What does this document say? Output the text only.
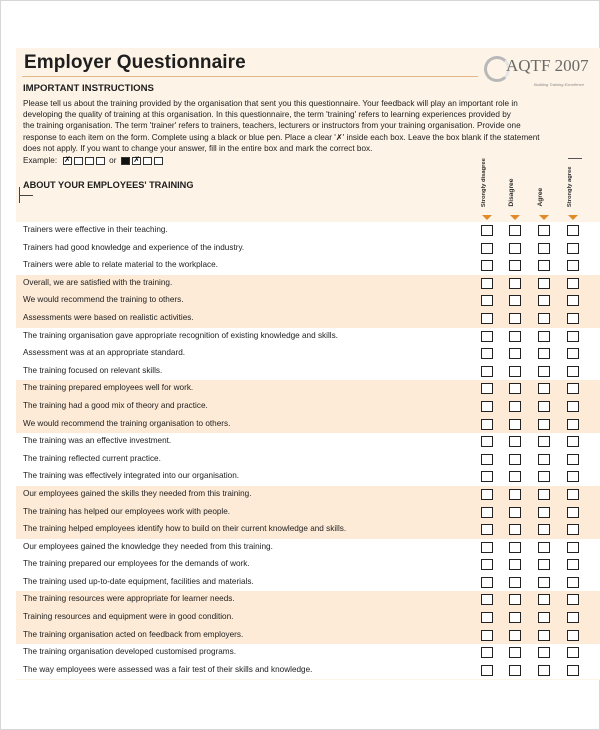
Employer Questionnaire	AQTF 2007
Building Training Excellence
IMPORTANT INSTRUCTIONS
Please tell us about the training provided by the organisation that sent you this questionnaire. Your feedback will play an important role in
developing the quality of training at this organisation. In this questionnaire, the term 'training' refers to learning experiences provided by
the training organisation. The term 'trainer' refers to trainers, teachers, lecturers or instructors from your training organisation. Provide one
response to each item on the form. Complete using a black or blue pen. Place a clear '✗' inside each box. Leave the box blank if the statement
does not apply. If you want to change your answer, fill in the entire box and mark the correct box.
Example:
✗	or
✗
ABOUT YOUR EMPLOYEES' TRAINING	Strongly disagree	Disagree	Agree	Strongly agree
Trainers were effective in their teaching.
Trainers had good knowledge and experience of the industry.
Trainers were able to relate material to the workplace.
Overall, we are satisfied with the training.
We would recommend the training to others.
Assessments were based on realistic activities.
The training organisation gave appropriate recognition of existing knowledge and skills.
Assessment was at an appropriate standard.
The training focused on relevant skills.
The training prepared employees well for work.
The training had a good mix of theory and practice.
We would recommend the training organisation to others.
The training was an effective investment.
The training reflected current practice.
The training was effectively integrated into our organisation.
Our employees gained the skills they needed from this training.
The training has helped our employees work with people.
The training helped employees identify how to build on their current knowledge and skills.
Our employees gained the knowledge they needed from this training.
The training prepared our employees for the demands of work.
The training used up-to-date equipment, facilities and materials.
The training resources were appropriate for learner needs.
Training resources and equipment were in good condition.
The training organisation acted on feedback from employers.
The training organisation developed customised programs.
The way employees were assessed was a fair test of their skills and knowledge.
